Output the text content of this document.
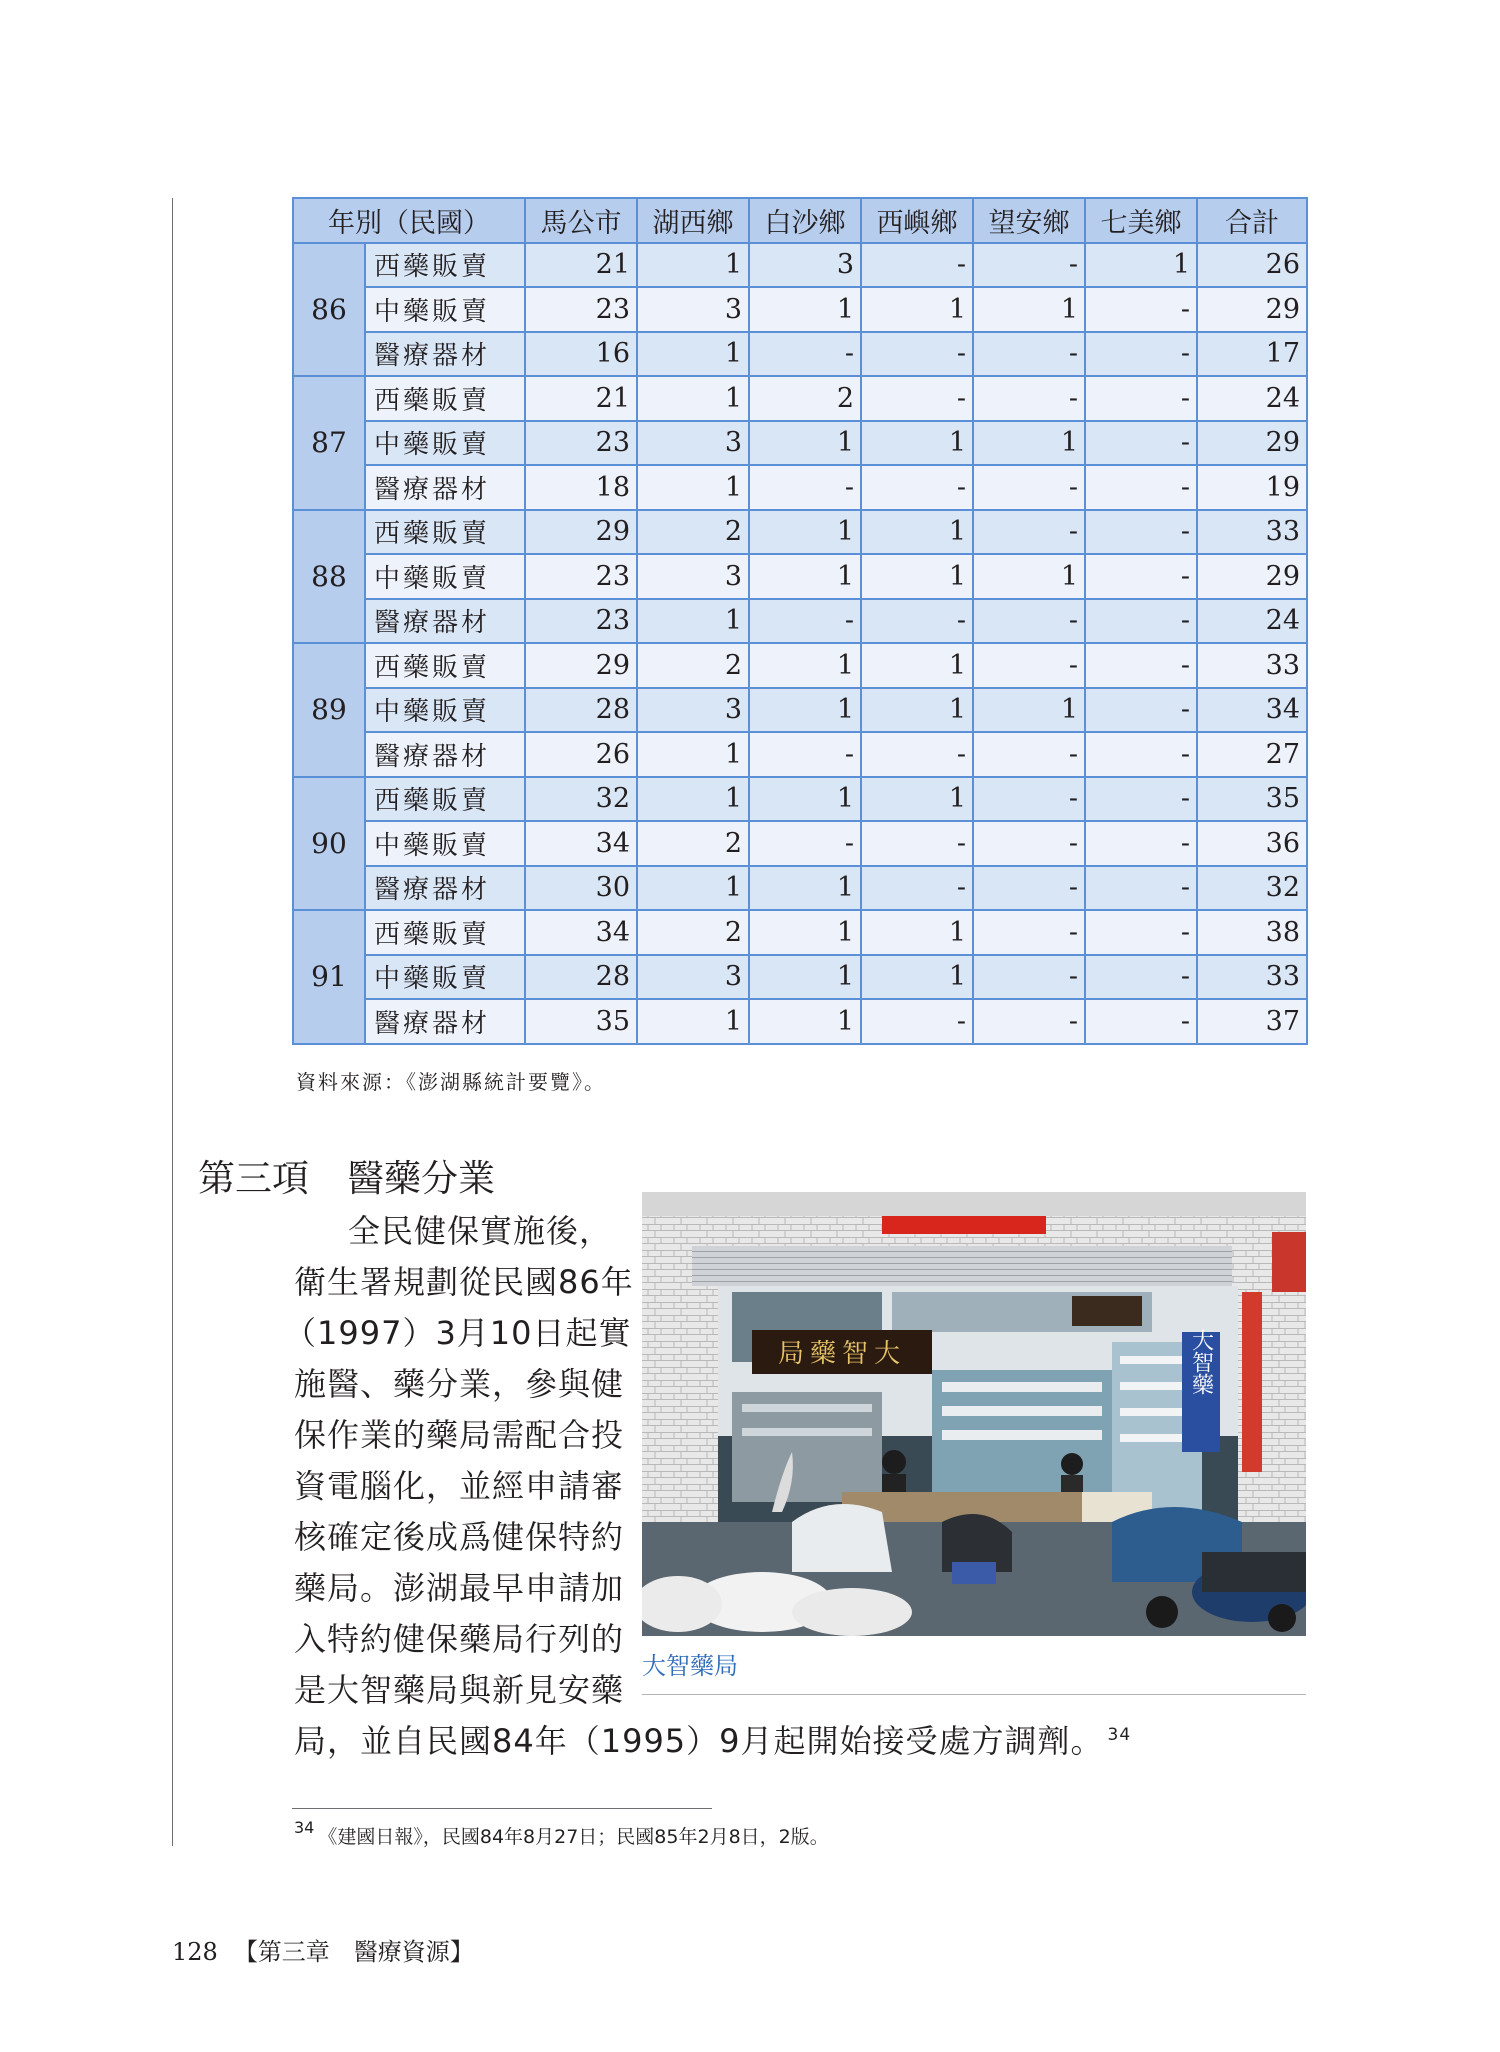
年別（民國）		馬公市	湖西鄉	白沙鄉	西嶼鄉	望安鄉	七美鄉	合計
86	西藥販賣	21	1	3	-	-	1	26
	中藥販賣	23	3	1	1	1	-	29
	醫療器材	16	1	-	-	-	-	17
87	西藥販賣	21	1	2	-	-	-	24
	中藥販賣	23	3	1	1	1	-	29
	醫療器材	18	1	-	-	-	-	19
88	西藥販賣	29	2	1	1	-	-	33
	中藥販賣	23	3	1	1	1	-	29
	醫療器材	23	1	-	-	-	-	24
89	西藥販賣	29	2	1	1	-	-	33
	中藥販賣	28	3	1	1	1	-	34
	醫療器材	26	1	-	-	-	-	27
90	西藥販賣	32	1	1	1	-	-	35
	中藥販賣	34	2	-	-	-	-	36
	醫療器材	30	1	1	-	-	-	32
91	西藥販賣	34	2	1	1	-	-	38
	中藥販賣	28	3	1	1	-	-	33
	醫療器材	35	1	1	-	-	-	37
資料來源：《澎湖縣統計要覽》。
第三項 醫藥分業
局藥智大	大智藥
大智藥局
全民健保實施後，
衛生署規劃從民國86年
（1997）3月10日起實
施醫、藥分業，參與健
保作業的藥局需配合投
資電腦化，並經申請審
核確定後成爲健保特約
藥局。澎湖最早申請加
入特約健保藥局行列的
是大智藥局與新見安藥
局，並自民國84年（1995）9月起開始接受處方調劑。 $^{34}$
$^{34}$ 《建國日報》，民國84年8月27日；民國85年2月8日，2版。
128 【第三章　醫療資源】
